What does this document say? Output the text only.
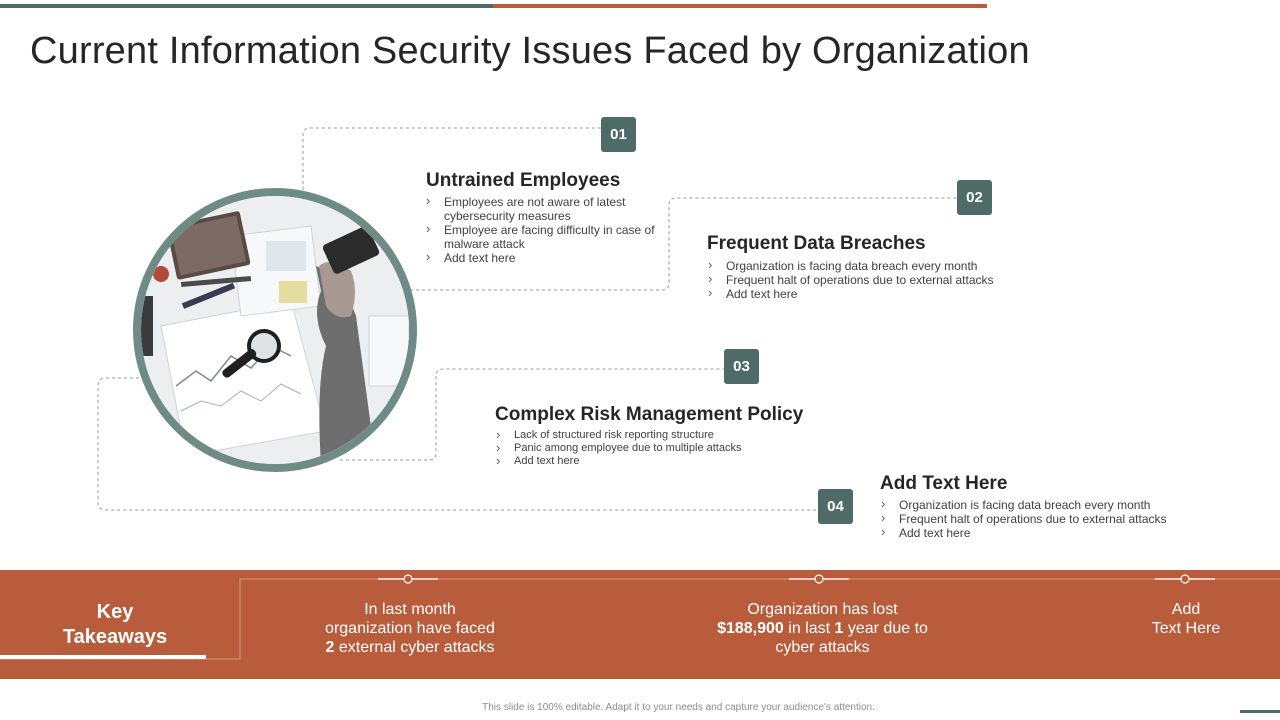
Current Information Security Issues Faced by Organization
01
Untrained Employees
› Employees are not aware of latest cybersecurity measures
› Employee are facing difficulty in case of malware attack
› Add text here
02
Frequent Data Breaches
› Organization is facing data breach every month
› Frequent halt of operations due to external attacks
› Add text here
03
Complex Risk Management Policy
› Lack of structured risk reporting structure
› Panic among employee due to multiple attacks
› Add text here
04
Add Text Here
› Organization is facing data breach every month
› Frequent halt of operations due to external attacks
› Add text here
Key
Takeaways
In last month
organization have faced
2 external cyber attacks
Organization has lost
$188,900 in last 1 year due to
cyber attacks
Add
Text Here
This slide is 100% editable. Adapt it to your needs and capture your audience's attention.
